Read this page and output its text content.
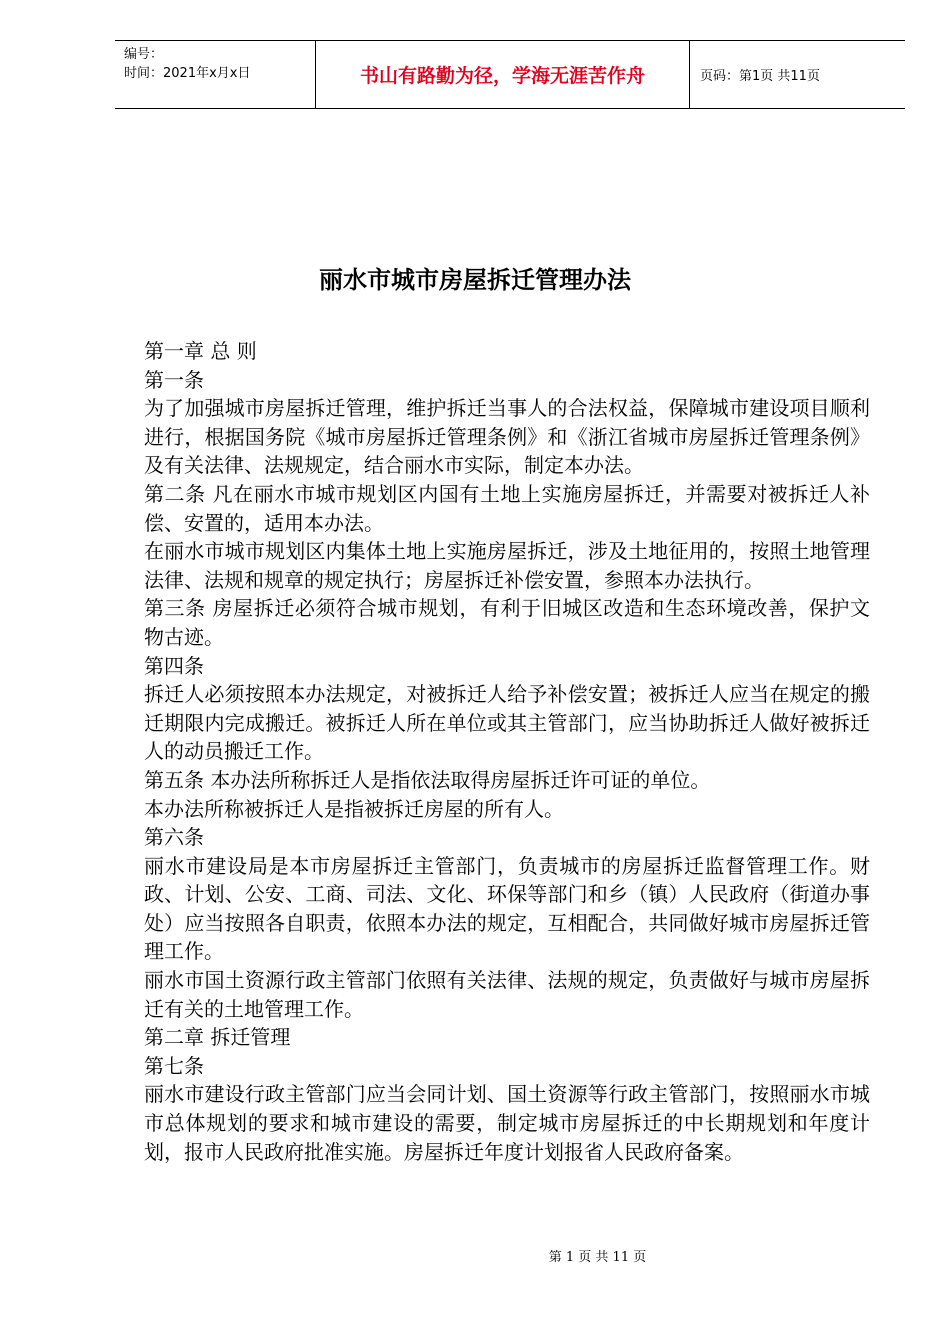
编号：
时间：2021年x月x日	书山有路勤为径，学海无涯苦作舟	页码：第1页 共11页
丽水市城市房屋拆迁管理办法

第一章 总 则

第一条

为了加强城市房屋拆迁管理，维护拆迁当事人的合法权益，保障城市建设项目顺利进行，根据国务院《城市房屋拆迁管理条例》和《浙江省城市房屋拆迁管理条例》及有关法律、法规规定，结合丽水市实际，制定本办法。

第二条 凡在丽水市城市规划区内国有土地上实施房屋拆迁，并需要对被拆迁人补偿、安置的，适用本办法。

在丽水市城市规划区内集体土地上实施房屋拆迁，涉及土地征用的，按照土地管理法律、法规和规章的规定执行；房屋拆迁补偿安置，参照本办法执行。

第三条 房屋拆迁必须符合城市规划，有利于旧城区改造和生态环境改善，保护文物古迹。

第四条

拆迁人必须按照本办法规定，对被拆迁人给予补偿安置；被拆迁人应当在规定的搬迁期限内完成搬迁。被拆迁人所在单位或其主管部门，应当协助拆迁人做好被拆迁人的动员搬迁工作。

第五条 本办法所称拆迁人是指依法取得房屋拆迁许可证的单位。

本办法所称被拆迁人是指被拆迁房屋的所有人。

第六条

丽水市建设局是本市房屋拆迁主管部门，负责城市的房屋拆迁监督管理工作。财政、计划、公安、工商、司法、文化、环保等部门和乡（镇）人民政府（街道办事处）应当按照各自职责，依照本办法的规定，互相配合，共同做好城市房屋拆迁管理工作。

丽水市国土资源行政主管部门依照有关法律、法规的规定，负责做好与城市房屋拆迁有关的土地管理工作。

第二章 拆迁管理

第七条

丽水市建设行政主管部门应当会同计划、国土资源等行政主管部门，按照丽水市城市总体规划的要求和城市建设的需要，制定城市房屋拆迁的中长期规划和年度计划，报市人民政府批准实施。房屋拆迁年度计划报省人民政府备案。

第 1 页 共 11 页
